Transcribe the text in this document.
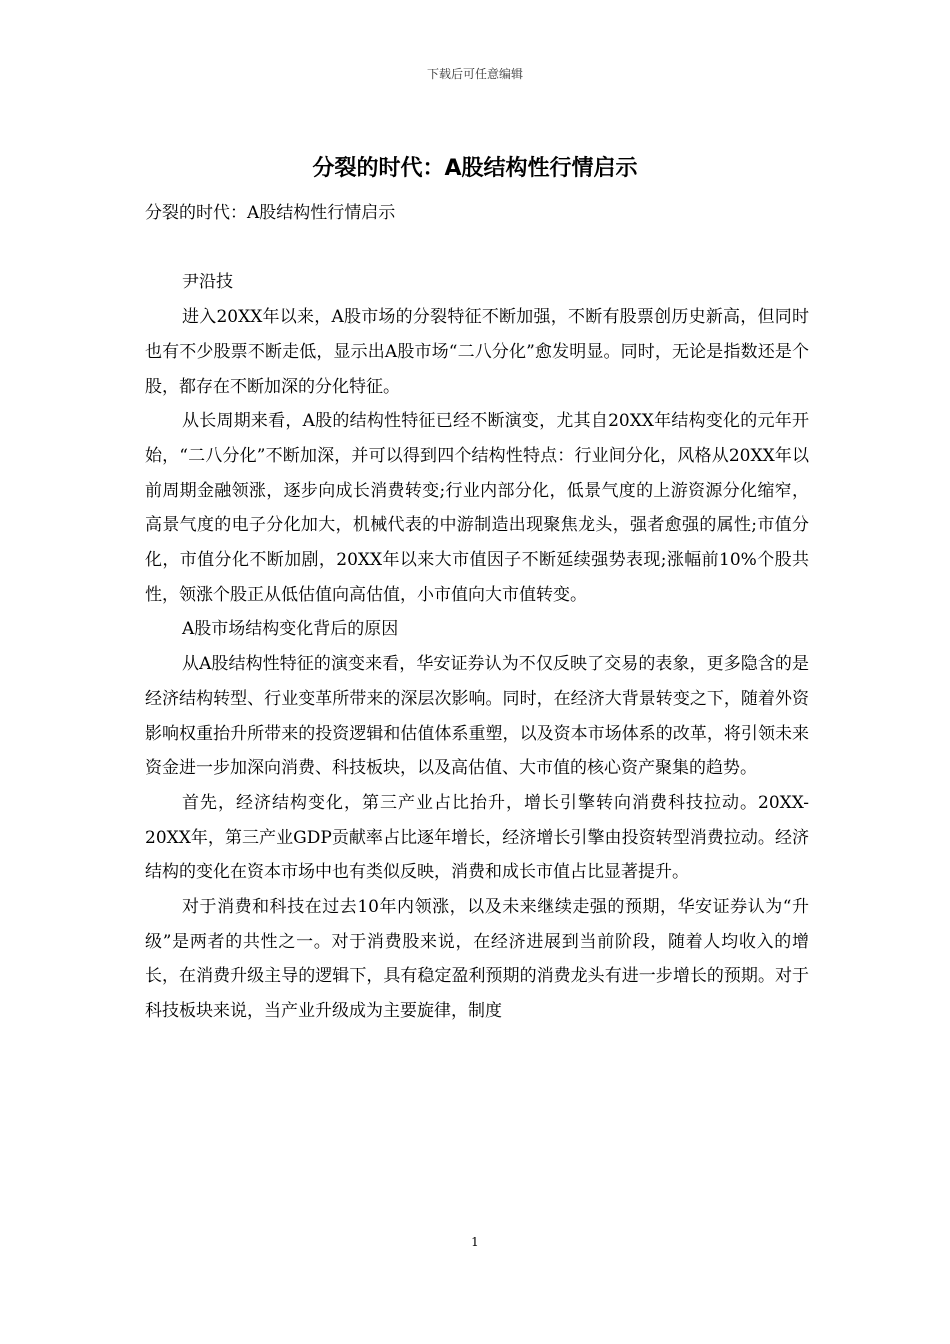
下载后可任意编辑
分裂的时代：A股结构性行情启示

分裂的时代：A股结构性行情启示

尹沿技

进入20XX年以来，A股市场的分裂特征不断加强，不断有股票创历史新高，但同时也有不少股票不断走低，显示出A股市场“二八分化”愈发明显。同时，无论是指数还是个股，都存在不断加深的分化特征。

从长周期来看，A股的结构性特征已经不断演变，尤其自20XX年结构变化的元年开始，“二八分化”不断加深，并可以得到四个结构性特点：行业间分化，风格从20XX年以前周期金融领涨，逐步向成长消费转变;行业内部分化，低景气度的上游资源分化缩窄，高景气度的电子分化加大，机械代表的中游制造出现聚焦龙头，强者愈强的属性;市值分化，市值分化不断加剧，20XX年以来大市值因子不断延续强势表现;涨幅前10%个股共性，领涨个股正从低估值向高估值，小市值向大市值转变。

A股市场结构变化背后的原因

从A股结构性特征的演变来看，华安证券认为不仅反映了交易的表象，更多隐含的是经济结构转型、行业变革所带来的深层次影响。同时，在经济大背景转变之下，随着外资影响权重抬升所带来的投资逻辑和估值体系重塑，以及资本市场体系的改革，将引领未来资金进一步加深向消费、科技板块，以及高估值、大市值的核心资产聚集的趋势。

首先，经济结构变化，第三产业占比抬升，增长引擎转向消费科技拉动。20XX-20XX年，第三产业GDP贡献率占比逐年增长，经济增长引擎由投资转型消费拉动。经济结构的变化在资本市场中也有类似反映，消费和成长市值占比显著提升。

对于消费和科技在过去10年内领涨，以及未来继续走强的预期，华安证券认为“升级”是两者的共性之一。对于消费股来说，在经济进展到当前阶段，随着人均收入的增长，在消费升级主导的逻辑下，具有稳定盈利预期的消费龙头有进一步增长的预期。对于科技板块来说，当产业升级成为主要旋律，制度

1
